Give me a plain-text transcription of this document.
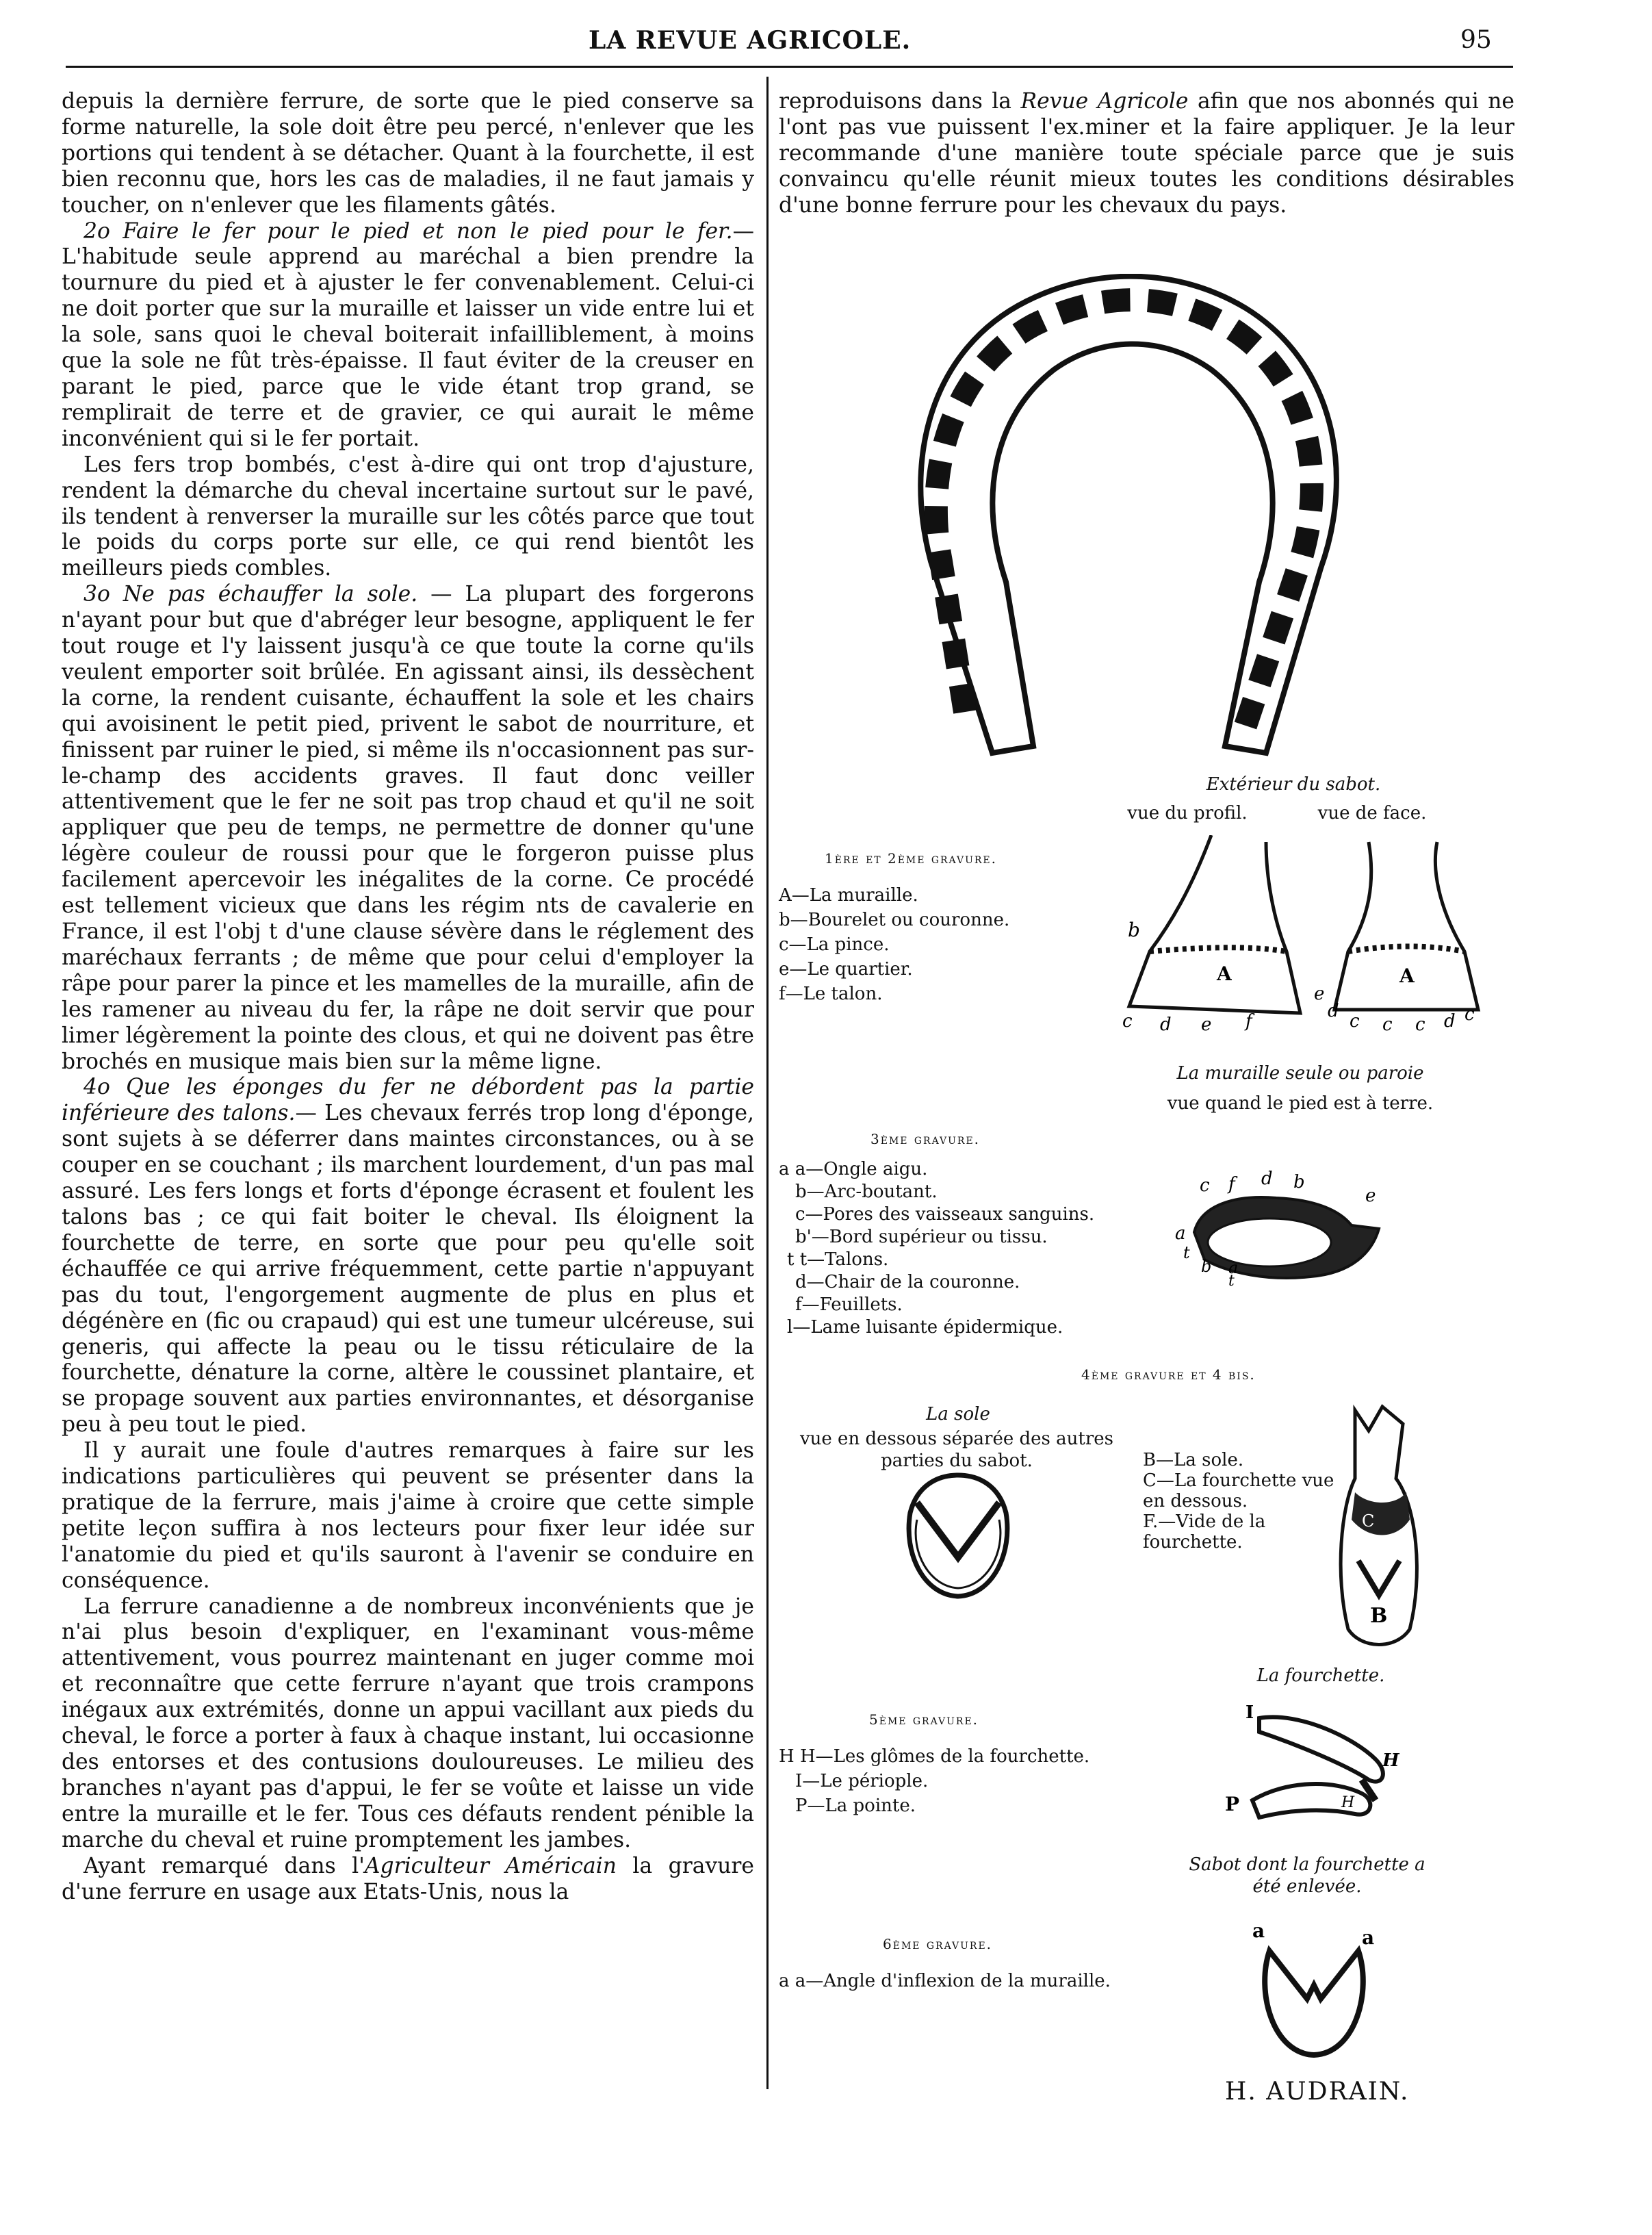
LA REVUE AGRICOLE.	95

depuis la dernière ferrure, de sorte que le pied conserve sa forme naturelle, la sole doit être peu percé, n'enlever que les portions qui tendent à se détacher. Quant à la fourchette, il est bien reconnu que, hors les cas de maladies, il ne faut jamais y toucher, on n'enlever que les filaments gâtés.

2o Faire le fer pour le pied et non le pied pour le fer.— L'habitude seule apprend au maréchal a bien prendre la tournure du pied et à ajuster le fer convenablement. Celui-ci ne doit porter que sur la muraille et laisser un vide entre lui et la sole, sans quoi le cheval boiterait infailliblement, à moins que la sole ne fût très-épaisse. Il faut éviter de la creuser en parant le pied, parce que le vide étant trop grand, se remplirait de terre et de gravier, ce qui aurait le même inconvénient qui si le fer portait.

Les fers trop bombés, c'est à-dire qui ont trop d'ajusture, rendent la démarche du cheval incertaine surtout sur le pavé, ils tendent à renverser la muraille sur les côtés parce que tout le poids du corps porte sur elle, ce qui rend bientôt les meilleurs pieds combles.

3o Ne pas échauffer la sole. — La plupart des forgerons n'ayant pour but que d'abréger leur besogne, appliquent le fer tout rouge et l'y laissent jusqu'à ce que toute la corne qu'ils veulent emporter soit brûlée. En agissant ainsi, ils dessèchent la corne, la rendent cuisante, échauffent la sole et les chairs qui avoisinent le petit pied, privent le sabot de nourriture, et finissent par ruiner le pied, si même ils n'occasionnent pas sur-le-champ des accidents graves. Il faut donc veiller attentivement que le fer ne soit pas trop chaud et qu'il ne soit appliquer que peu de temps, ne permettre de donner qu'une légère couleur de roussi pour que le forgeron puisse plus facilement apercevoir les inégalites de la corne. Ce procédé est tellement vicieux que dans les régim nts de cavalerie en France, il est l'obj t d'une clause sévère dans le réglement des maréchaux ferrants ; de même que pour celui d'employer la râpe pour parer la pince et les mamelles de la muraille, afin de les ramener au niveau du fer, la râpe ne doit servir que pour limer légèrement la pointe des clous, et qui ne doivent pas être brochés en musique mais bien sur la même ligne.

4o Que les éponges du fer ne débordent pas la partie inférieure des talons.— Les chevaux ferrés trop long d'éponge, sont sujets à se déferrer dans maintes circonstances, ou à se couper en se couchant ; ils marchent lourdement, d'un pas mal assuré. Les fers longs et forts d'éponge écrasent et foulent les talons bas ; ce qui fait boiter le cheval. Ils éloignent la fourchette de terre, en sorte que pour peu qu'elle soit échauffée ce qui arrive fréquemment, cette partie n'appuyant pas du tout, l'engorgement augmente de plus en plus et dégénère en (fic ou crapaud) qui est une tumeur ulcéreuse, sui generis, qui affecte la peau ou le tissu réticulaire de la fourchette, dénature la corne, altère le coussinet plantaire, et se propage souvent aux parties environnantes, et désorganise peu à peu tout le pied.

Il y aurait une foule d'autres remarques à faire sur les indications particulières qui peuvent se présenter dans la pratique de la ferrure, mais j'aime à croire que cette simple petite leçon suffira à nos lecteurs pour fixer leur idée sur l'anatomie du pied et qu'ils sauront à l'avenir se conduire en conséquence.

La ferrure canadienne a de nombreux inconvénients que je n'ai plus besoin d'expliquer, en l'examinant vous-même attentivement, vous pourrez maintenant en juger comme moi et reconnaître que cette ferrure n'ayant que trois crampons inégaux aux extrémités, donne un appui vacillant aux pieds du cheval, le force a porter à faux à chaque instant, lui occasionne des entorses et des contusions douloureuses. Le milieu des branches n'ayant pas d'appui, le fer se voûte et laisse un vide entre la muraille et le fer. Tous ces défauts rendent pénible la marche du cheval et ruine promptement les jambes.

Ayant remarqué dans l'Agriculteur Américain la gravure d'une ferrure en usage aux Etats-Unis, nous la

reproduisons dans la Revue Agricole afin que nos abonnés qui ne l'ont pas vue puissent l'ex.miner et la faire appliquer. Je la leur recommande d'une manière toute spéciale parce que je suis convaincu qu'elle réunit mieux toutes les conditions désirables d'une bonne ferrure pour les chevaux du pays.

Extérieur du sabot.
vue du profil.	vue de face.
1ère et 2ème gravure.
A—La muraille.
b—Bourelet ou couronne.
c—La pince.
e—Le quartier.
f—Le talon.
b
A
c d e f
e
d c c c d c
A
La muraille seule ou paroie
vue quand le pied est à terre.
3ème gravure.
a a—Ongle aigu.
b—Arc-boutant.
c—Pores des vaisseaux sanguins.
b'—Bord supérieur ou tissu.
t t—Talons.
d—Chair de la couronne.
f—Feuillets.
l—Lame luisante épidermique.
c f d b
e
a
t
b a
t
4ème gravure et 4 bis.
La sole
vue en dessous séparée des autres parties du sabot.	B—La sole.
C—La fourchette vue en dessous.
F.—Vide de la fourchette.
C
B
La fourchette.
5ème gravure.
H H—Les glômes de la fourchette.
I—Le périople.
P—La pointe.
I
H
P	H
Sabot dont la fourchette a été enlevée.
6ème gravure.
a a—Angle d'inflexion de la muraille.
a	a
H. AUDRAIN.
